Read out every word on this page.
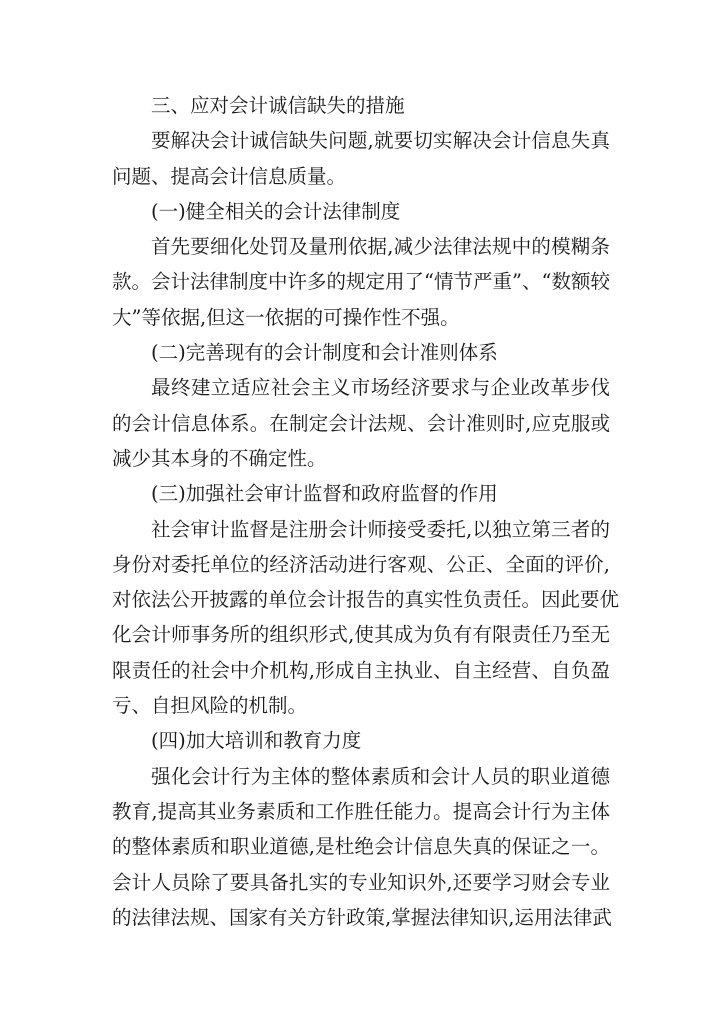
三、应对会计诚信缺失的措施
要解决会计诚信缺失问题,就要切实解决会计信息失真
问题、提高会计信息质量。
(一)健全相关的会计法律制度
首先要细化处罚及量刑依据,减少法律法规中的模糊条
款。会计法律制度中许多的规定用了“情节严重”、“数额较
大”等依据,但这一依据的可操作性不强。
(二)完善现有的会计制度和会计准则体系
最终建立适应社会主义市场经济要求与企业改革步伐
的会计信息体系。在制定会计法规、会计准则时,应克服或
减少其本身的不确定性。
(三)加强社会审计监督和政府监督的作用
社会审计监督是注册会计师接受委托,以独立第三者的
身份对委托单位的经济活动进行客观、公正、全面的评价,
对依法公开披露的单位会计报告的真实性负责任。因此要优
化会计师事务所的组织形式,使其成为负有有限责任乃至无
限责任的社会中介机构,形成自主执业、自主经营、自负盈
亏、自担风险的机制。
(四)加大培训和教育力度
强化会计行为主体的整体素质和会计人员的职业道德
教育,提高其业务素质和工作胜任能力。提高会计行为主体
的整体素质和职业道德,是杜绝会计信息失真的保证之一。
会计人员除了要具备扎实的专业知识外,还要学习财会专业
的法律法规、国家有关方针政策,掌握法律知识,运用法律武
